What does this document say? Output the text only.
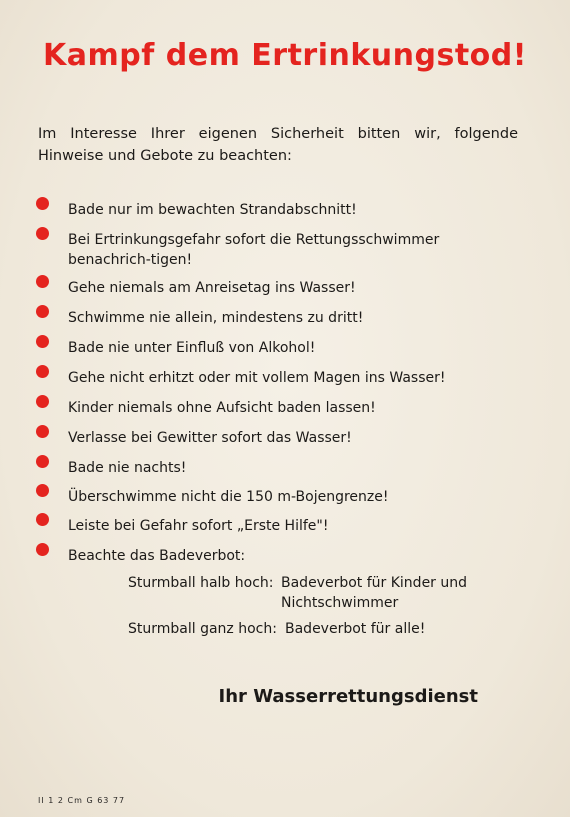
Kampf dem Ertrinkungstod!

Im Interesse Ihrer eigenen Sicherheit bitten wir, folgende Hinweise und Gebote zu beachten:

Bade nur im bewachten Strandabschnitt!
Bei Ertrinkungsgefahr sofort die Rettungsschwimmer benachrich-tigen!
Gehe niemals am Anreisetag ins Wasser!
Schwimme nie allein, mindestens zu dritt!
Bade nie unter Einfluß von Alkohol!
Gehe nicht erhitzt oder mit vollem Magen ins Wasser!
Kinder niemals ohne Aufsicht baden lassen!
Verlasse bei Gewitter sofort das Wasser!
Bade nie nachts!
Überschwimme nicht die 150 m-Bojengrenze!
Leiste bei Gefahr sofort „Erste Hilfe"!
Beachte das Badeverbot:
Sturmball halb hoch: Badeverbot für Kinder und
Nichtschwimmer
Sturmball ganz hoch: Badeverbot für alle!

Ihr Wasserrettungsdienst

II 1 2 Cm G 63 77
